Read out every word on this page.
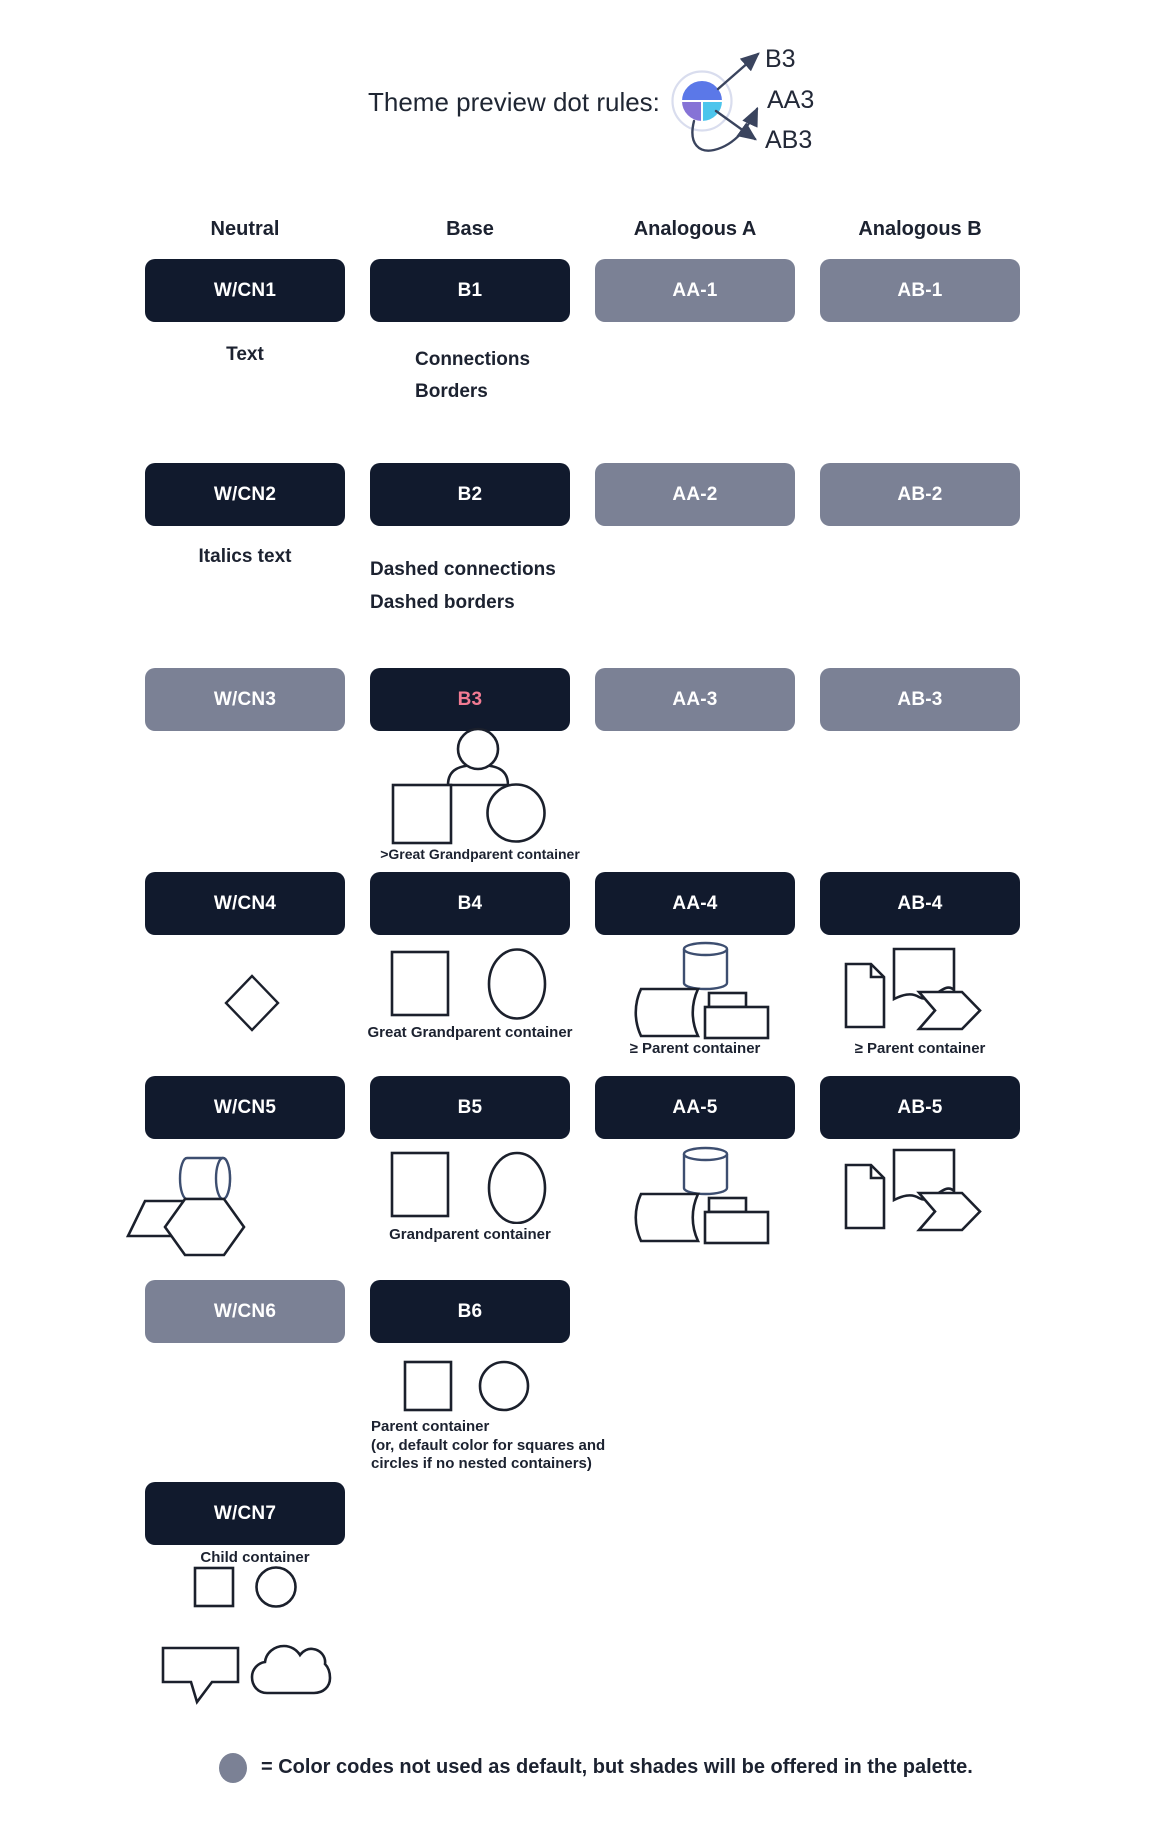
Theme preview dot rules:
B3
AA3
AB3
Neutral	Base	Analogous A	Analogous B
W/CN1	B1	AA-1	AB-1
Text	Connections
Borders
W/CN2	B2	AA-2	AB-2
Italics text
Dashed connections
Dashed borders
W/CN3	B3	AA-3	AB-3
>Great Grandparent container
W/CN4	B4	AA-4	AB-4
Great Grandparent container
≥ Parent container	≥ Parent container
W/CN5	B5	AA-5	AB-5
Grandparent container
W/CN6	B6
Parent container
(or, default color for squares and
circles if no nested containers)
W/CN7
Child container
= Color codes not used as default, but shades will be offered in the palette.
